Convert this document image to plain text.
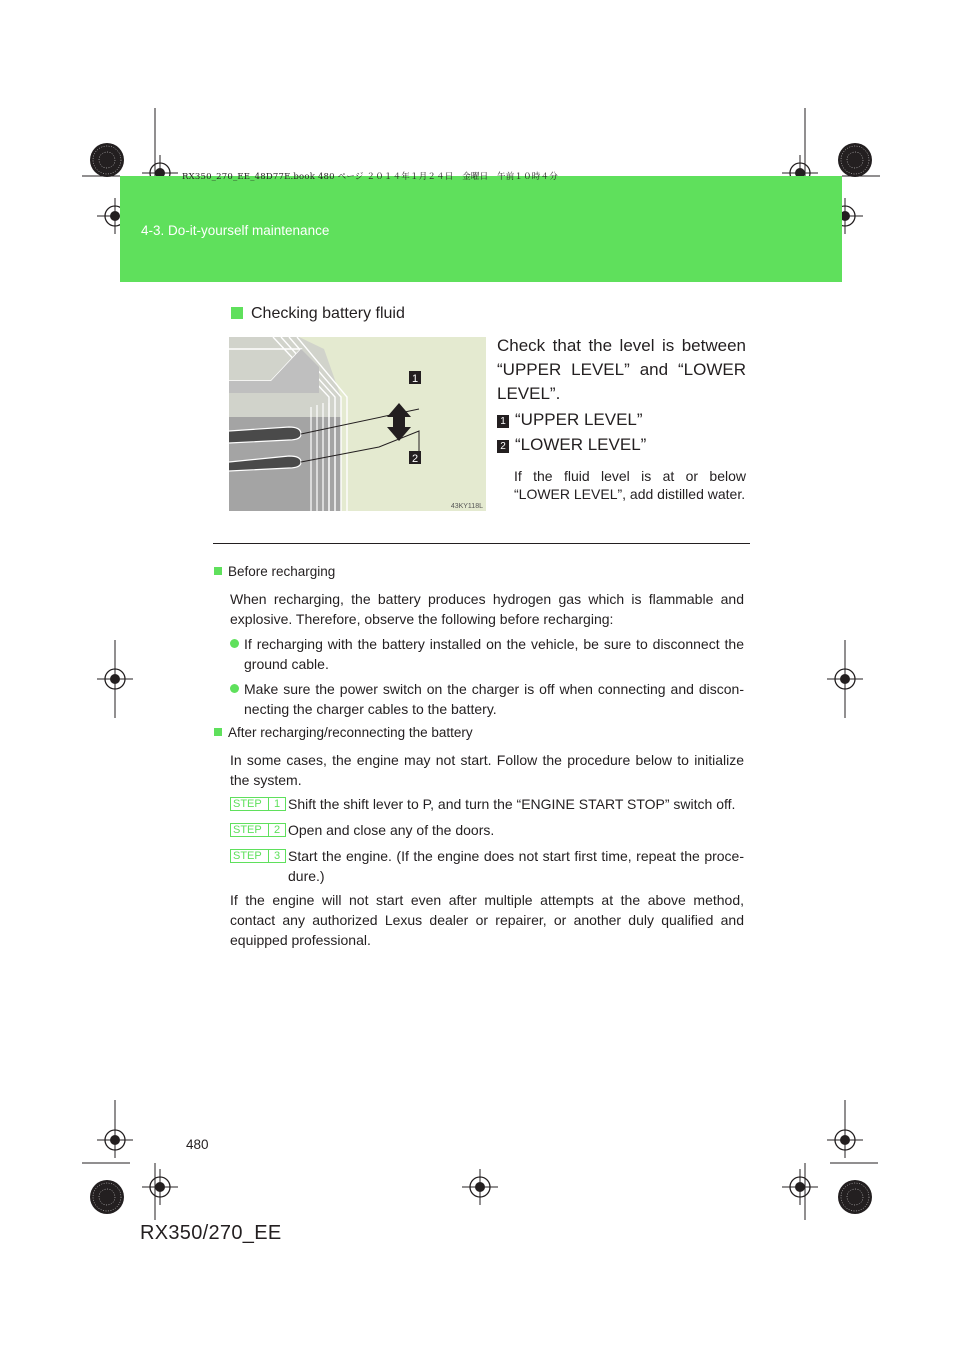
RX350_270_EE_48D77E.book 480 ページ ２０１４年１月２４日　金曜日　午前１０時４分
4-3. Do-it-yourself maintenance
Checking battery fluid
1
2
43KY118L
Check that the level is between “UPPER LEVEL” and “LOWER LEVEL”.
1 “UPPER LEVEL”
2 “LOWER LEVEL”
If the fluid level is at or below “LOWER LEVEL”, add distilled water.
Before recharging
When recharging, the battery produces hydrogen gas which is flammable and explosive. Therefore, observe the following before recharging:
If recharging with the battery installed on the vehicle, be sure to disconnect the ground cable.
Make sure the power switch on the charger is off when connecting and discon-necting the charger cables to the battery.
After recharging/reconnecting the battery
In some cases, the engine may not start. Follow the procedure below to initialize the system.
STEP	1 Shift the shift lever to P, and turn the “ENGINE START STOP” switch off.
STEP	2 Open and close any of the doors.
STEP	3 Start the engine. (If the engine does not start first time, repeat the proce-dure.)
If the engine will not start even after multiple attempts at the above method, contact any authorized Lexus dealer or repairer, or another duly qualified and equipped professional.
480
RX350/270_EE
